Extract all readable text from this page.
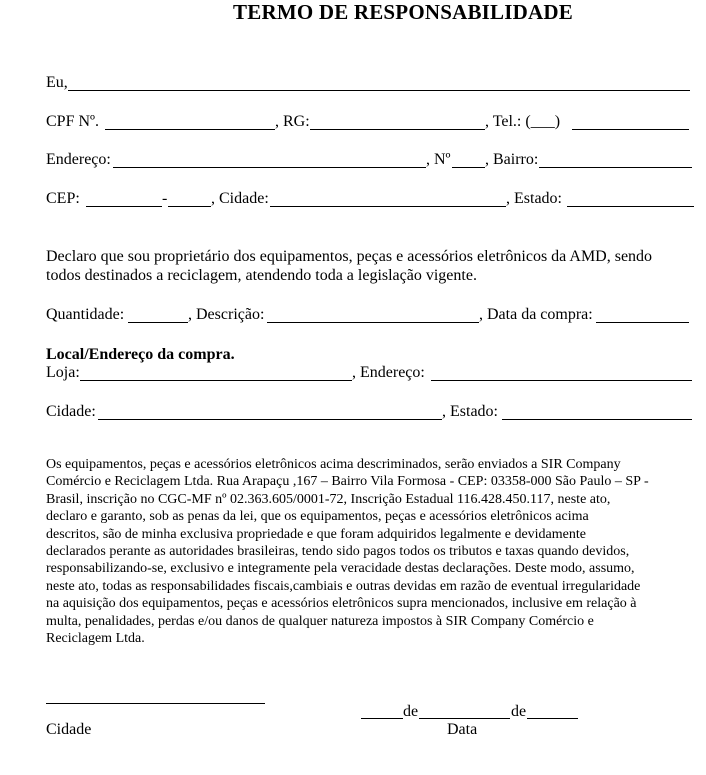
TERMO DE RESPONSABILIDADE
Eu,
CPF Nº.	, RG:	, Tel.: (___)
Endereço:	, Nº , Bairro:
CEP:	-	, Cidade:	, Estado:
Declaro que sou proprietário dos equipamentos, peças e acessórios eletrônicos da AMD, sendo
todos destinados a reciclagem, atendendo toda a legislação vigente.
Quantidade:	, Descrição:	, Data da compra:
Local/Endereço da compra.
Loja:	, Endereço:
Cidade:	, Estado:
Os equipamentos, peças e acessórios eletrônicos acima descriminados, serão enviados a SIR Company
Comércio e Reciclagem Ltda. Rua Arapaçu ,167 – Bairro Vila Formosa - CEP: 03358-000 São Paulo – SP -
Brasil, inscrição no CGC-MF nº 02.363.605/0001-72, Inscrição Estadual 116.428.450.117, neste ato,
declaro e garanto, sob as penas da lei, que os equipamentos, peças e acessórios eletrônicos acima
descritos, são de minha exclusiva propriedade e que foram adquiridos legalmente e devidamente
declarados perante as autoridades brasileiras, tendo sido pagos todos os tributos e taxas quando devidos,
responsabilizando-se, exclusivo e integramente pela veracidade destas declarações. Deste modo, assumo,
neste ato, todas as responsabilidades fiscais,cambiais e outras devidas em razão de eventual irregularidade
na aquisição dos equipamentos, peças e acessórios eletrônicos supra mencionados, inclusive em relação à
multa, penalidades, perdas e/ou danos de qualquer natureza impostos à SIR Company Comércio e
Reciclagem Ltda.
Cidade
de	de
Data
